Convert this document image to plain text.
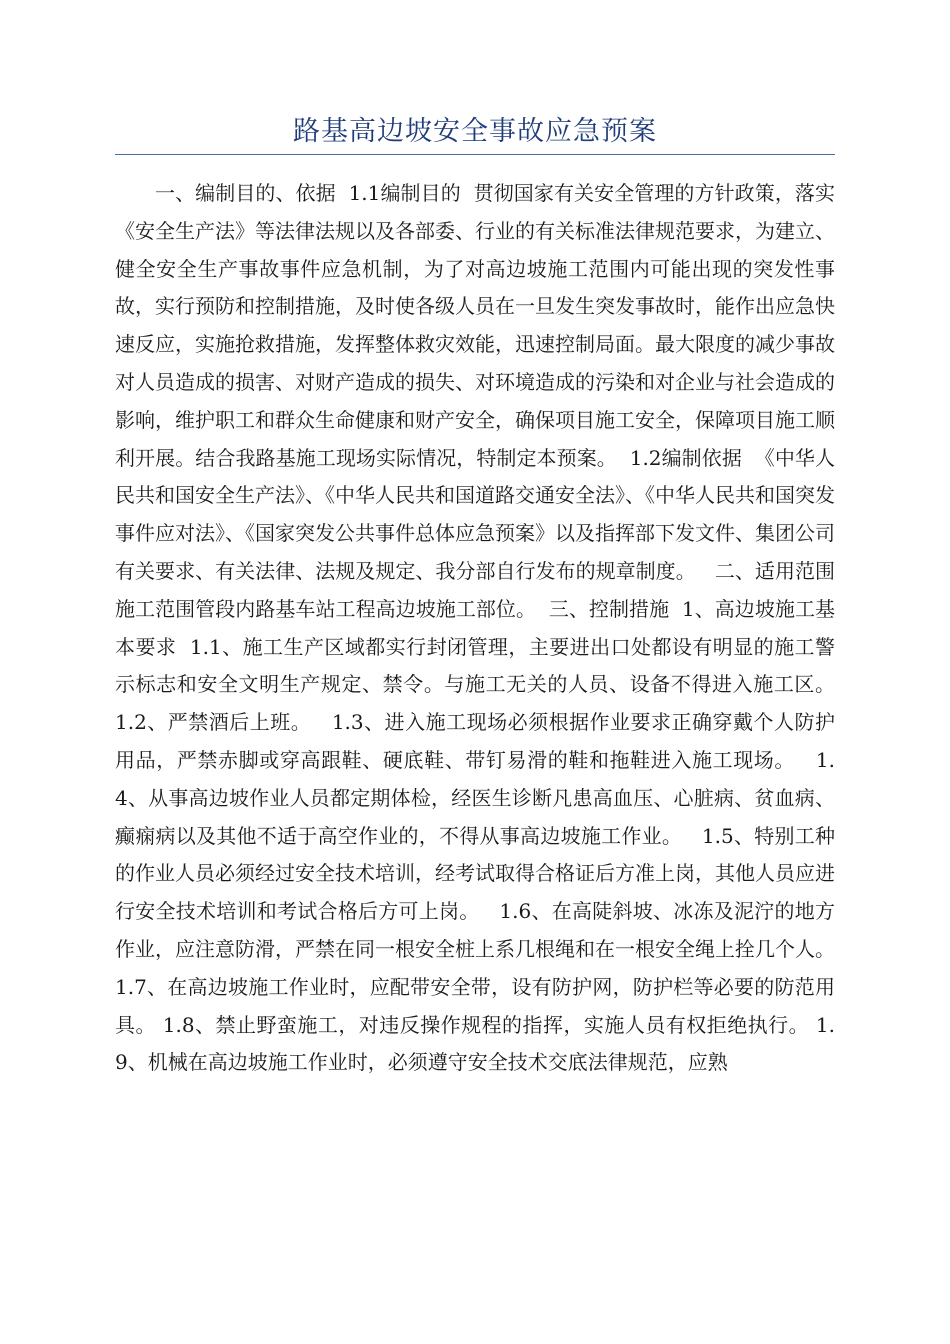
路基高边坡安全事故应急预案

一、编制目的、依据  1.1编制目的  贯彻国家有关安全管理的方针政策，落实《安全生产法》等法律法规以及各部委、行业的有关标准法律规范要求，为建立、健全安全生产事故事件应急机制，为了对高边坡施工范围内可能出现的突发性事故，实行预防和控制措施，及时使各级人员在一旦发生突发事故时，能作出应急快速反应，实施抢救措施，发挥整体救灾效能，迅速控制局面。最大限度的减少事故对人员造成的损害、对财产造成的损失、对环境造成的污染和对企业与社会造成的影响，维护职工和群众生命健康和财产安全，确保项目施工安全，保障项目施工顺利开展。结合我路基施工现场实际情况，特制定本预案。  1.2编制依据  《中华人民共和国安全生产法》、《中华人民共和国道路交通安全法》、《中华人民共和国突发事件应对法》、《国家突发公共事件总体应急预案》以及指挥部下发文件、集团公司有关要求、有关法律、法规及规定、我分部自行发布的规章制度。   二、适用范围  施工范围管段内路基车站工程高边坡施工部位。  三、控制措施  1、高边坡施工基本要求  1.1、施工生产区域都实行封闭管理，主要进出口处都设有明显的施工警示标志和安全文明生产规定、禁令。与施工无关的人员、设备不得进入施工区。   1.2、严禁酒后上班。   1.3、进入施工现场必须根据作业要求正确穿戴个人防护用品，严禁赤脚或穿高跟鞋、硬底鞋、带钉易滑的鞋和拖鞋进入施工现场。   1.4、从事高边坡作业人员都定期体检，经医生诊断凡患高血压、心脏病、贫血病、癫痫病以及其他不适于高空作业的，不得从事高边坡施工作业。   1.5、特别工种的作业人员必须经过安全技术培训，经考试取得合格证后方准上岗，其他人员应进行安全技术培训和考试合格后方可上岗。   1.6、在高陡斜坡、冰冻及泥泞的地方作业，应注意防滑，严禁在同一根安全桩上系几根绳和在一根安全绳上拴几个人。   1.7、在高边坡施工作业时，应配带安全带，设有防护网，防护栏等必要的防范用具。 1.8、禁止野蛮施工，对违反操作规程的指挥，实施人员有权拒绝执行。 1.9、机械在高边坡施工作业时，必须遵守安全技术交底法律规范，应熟
